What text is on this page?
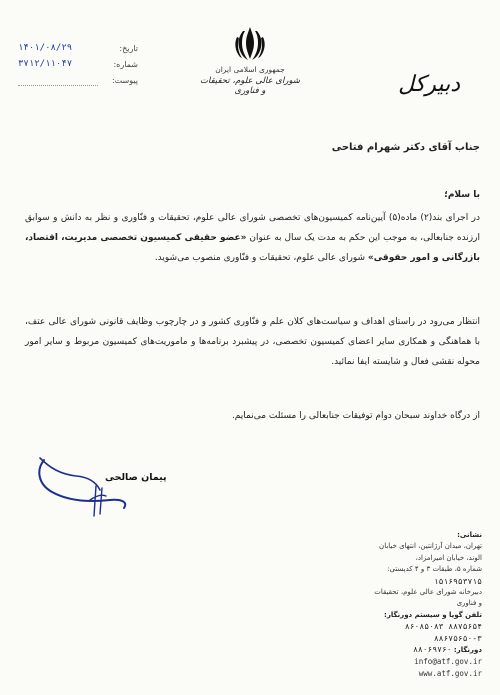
تاریخ:
۱۴۰۱/۰۸/۲۹
شماره:
۳۷۱۲/۱۱۰۴۷
پیوست:
جمهوری اسلامی ایران
شورای عالی علوم، تحقیقات و فناوری	دبیرکل
جناب آقای دکتر شهرام فتاحی
با سلام؛
در اجرای بند(۲) ماده(۵) آیین‌نامه کمیسیون‌های تخصصی شورای عالی علوم، تحقیقات و فنّاوری و نظر به دانش و سوابق ارزنده جنابعالی، به موجب این حکم به مدت یک سال به عنوان «عضو حقیقی کمیسیون تخصصی مدیریت، اقتصاد، بازرگانی و امور حقوقی» شورای عالی علوم، تحقیقات و فنّاوری منصوب می‌شوید.
انتظار می‌رود در راستای اهداف و سیاست‌های کلان علم و فنّاوری کشور و در چارچوب وظایف قانونی شورای عالی عتف، با هماهنگی و همکاری سایر اعضای کمیسیون تخصصی، در پیشبرد برنامه‌ها و ماموریت‌های کمیسیون مربوط و سایر امور محوله نقشی فعال و شایسته ایفا نمائید.
از درگاه خداوند سبحان دوام توفیقات جنابعالی را مسئلت می‌نمایم.
پیمان صالحی
نشانی:
تهران، میدان آرژانتین، انتهای خیابان الوند، خیابان امیرامزاد،
شماره ۵، طبقات ۳ و ۴ کدپستی:
۱۵۱۶۹۵۳۷۱۵
دبیرخانه شورای عالی علوم، تحقیقات و فناوری
تلفن گویا و سیستم دورنگار:
۸۸۷۵۶۵۴ ۸۶۰۸۵۰۸۳
۸۸۶۷۵۶۵۰-۳
دورنگار: ۸۸۰۶۹۷۶۰
info@atf.gov.ir
www.atf.gov.ir
